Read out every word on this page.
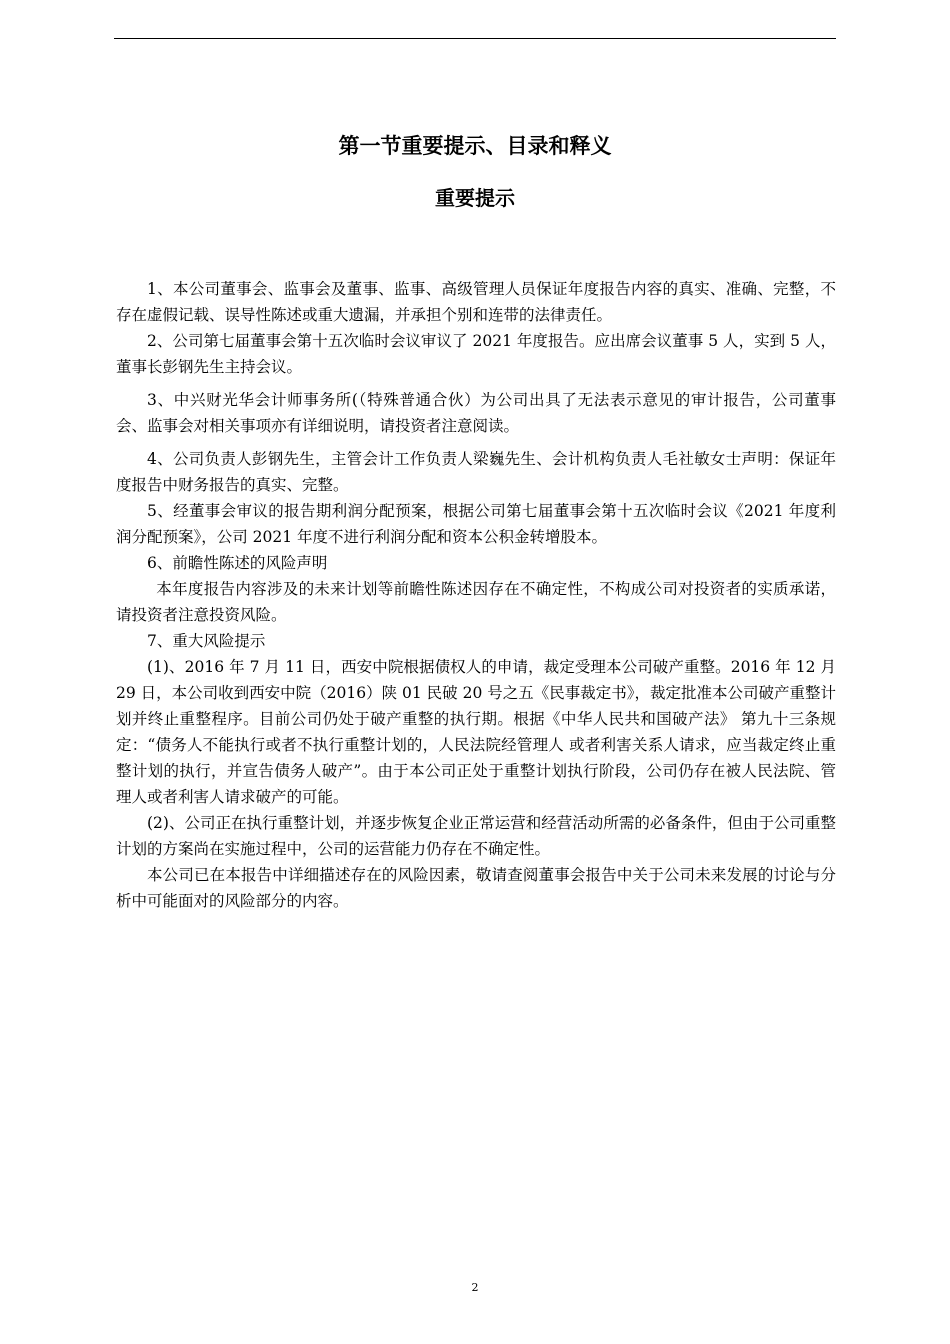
第一节重要提示、目录和释义
重要提示

1、本公司董事会、监事会及董事、监事、高级管理人员保证年度报告内容的真实、准确、完整，不存在虚假记载、误导性陈述或重大遗漏，并承担个别和连带的法律责任。

2、公司第七届董事会第十五次临时会议审议了 2021 年度报告。应出席会议董事 5 人，实到 5 人，董事长彭钢先生主持会议。

3、中兴财光华会计师事务所(（特殊普通合伙）为公司出具了无法表示意见的审计报告，公司董事会、监事会对相关事项亦有详细说明，请投资者注意阅读。

4、公司负责人彭钢先生，主管会计工作负责人梁巍先生、会计机构负责人毛社敏女士声明：保证年度报告中财务报告的真实、完整。

5、经董事会审议的报告期利润分配预案，根据公司第七届董事会第十五次临时会议《2021 年度利润分配预案》，公司 2021 年度不进行利润分配和资本公积金转增股本。

6、前瞻性陈述的风险声明

本年度报告内容涉及的未来计划等前瞻性陈述因存在不确定性，不构成公司对投资者的实质承诺，请投资者注意投资风险。

7、重大风险提示

(1)、2016 年 7 月 11 日，西安中院根据债权人的申请，裁定受理本公司破产重整。2016 年 12 月 29 日，本公司收到西安中院（2016）陕 01 民破 20 号之五《民事裁定书》，裁定批准本公司破产重整计划并终止重整程序。目前公司仍处于破产重整的执行期。根据《中华人民共和国破产法》 第九十三条规定：“债务人不能执行或者不执行重整计划的，人民法院经管理人 或者利害关系人请求，应当裁定终止重整计划的执行，并宣告债务人破产”。由于本公司正处于重整计划执行阶段，公司仍存在被人民法院、管理人或者利害人请求破产的可能。

(2)、公司正在执行重整计划，并逐步恢复企业正常运营和经营活动所需的必备条件，但由于公司重整计划的方案尚在实施过程中，公司的运营能力仍存在不确定性。

本公司已在本报告中详细描述存在的风险因素，敬请查阅董事会报告中关于公司未来发展的讨论与分析中可能面对的风险部分的内容。

2
